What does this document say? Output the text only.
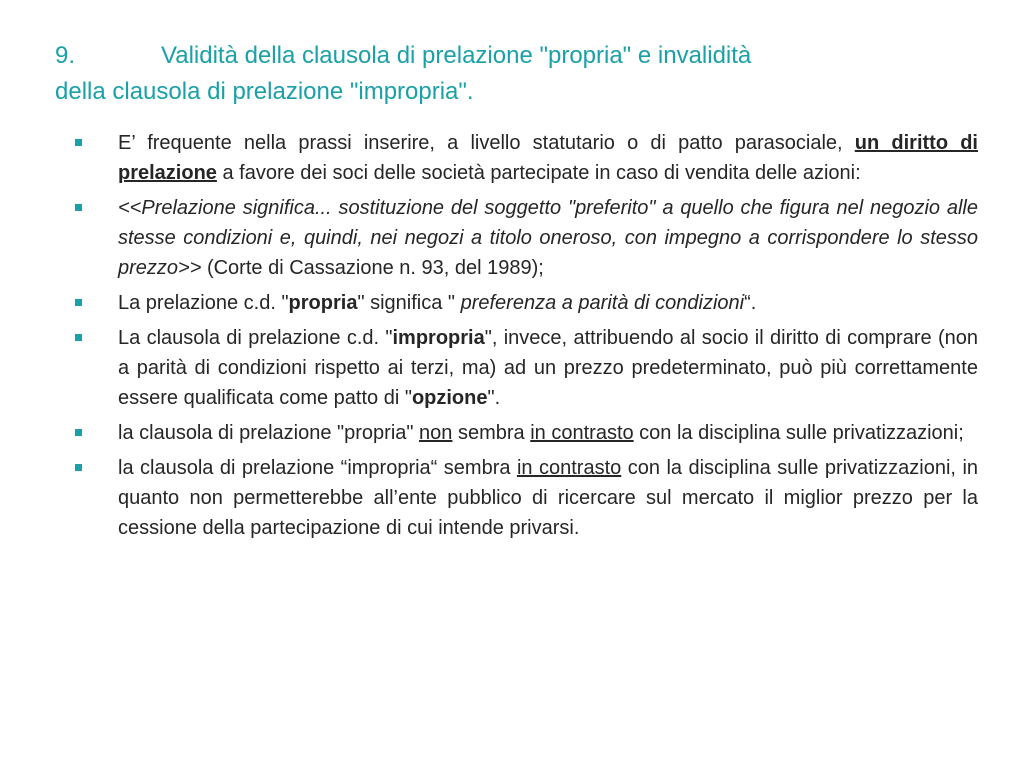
9.	Validità della clausola di prelazione "propria" e invalidità
della clausola di prelazione "impropria".
E’ frequente nella prassi inserire, a livello statutario o di patto parasociale, un diritto di prelazione a favore dei soci delle società partecipate in caso di vendita delle azioni:
<<Prelazione significa... sostituzione del soggetto "preferito" a quello che figura nel negozio alle stesse condizioni e, quindi, nei negozi a titolo oneroso, con impegno a corrispondere lo stesso prezzo>> (Corte di Cassazione n. 93, del 1989);
La prelazione c.d. "propria" significa " preferenza a parità di condizioni“.
La clausola di prelazione c.d. "impropria", invece, attribuendo al socio il diritto di comprare (non a parità di condizioni rispetto ai terzi, ma) ad un prezzo predeterminato, può più correttamente essere qualificata come patto di "opzione".
la clausola di prelazione "propria" non sembra in contrasto con la disciplina sulle privatizzazioni;
la clausola di prelazione “impropria“ sembra in contrasto con la disciplina sulle privatizzazioni, in quanto non permetterebbe all’ente pubblico di ricercare sul mercato il miglior prezzo per la cessione della partecipazione di cui intende privarsi.
